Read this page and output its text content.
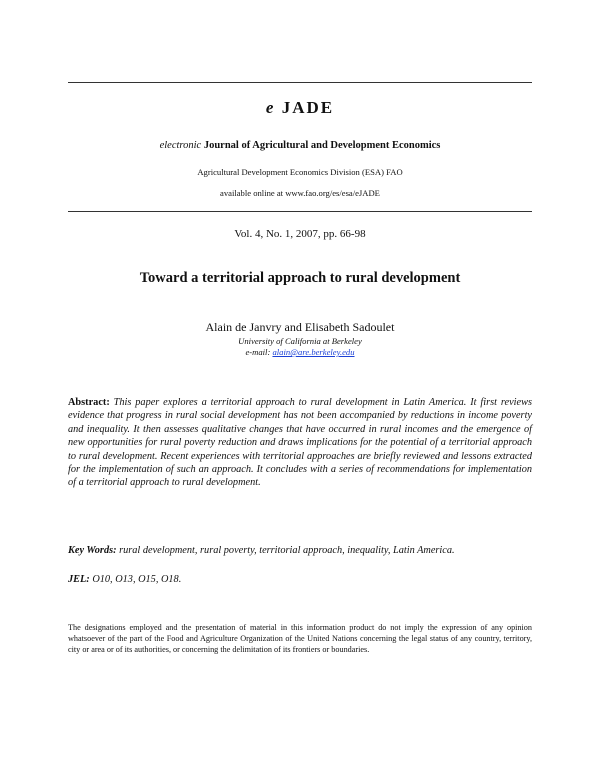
e JADE
electronic Journal of Agricultural and Development Economics
Agricultural Development Economics Division (ESA) FAO
available online at www.fao.org/es/esa/eJADE
Vol. 4, No. 1, 2007, pp. 66-98
Toward a territorial approach to rural development
Alain de Janvry and Elisabeth Sadoulet
University of California at Berkeley
e-mail: alain@are.berkeley.edu
Abstract: This paper explores a territorial approach to rural development in Latin America. It first reviews evidence that progress in rural social development has not been accompanied by reductions in income poverty and inequality. It then assesses qualitative changes that have occurred in rural incomes and the emergence of new opportunities for rural poverty reduction and draws implications for the potential of a territorial approach to rural development. Recent experiences with territorial approaches are briefly reviewed and lessons extracted for the implementation of such an approach. It concludes with a series of recommendations for implementation of a territorial approach to rural development.
Key Words: rural development, rural poverty, territorial approach, inequality, Latin America.
JEL: O10, O13, O15, O18.
The designations employed and the presentation of material in this information product do not imply the expression of any opinion whatsoever of the part of the Food and Agriculture Organization of the United Nations concerning the legal status of any country, territory, city or area or of its authorities, or concerning the delimitation of its frontiers or boundaries.
